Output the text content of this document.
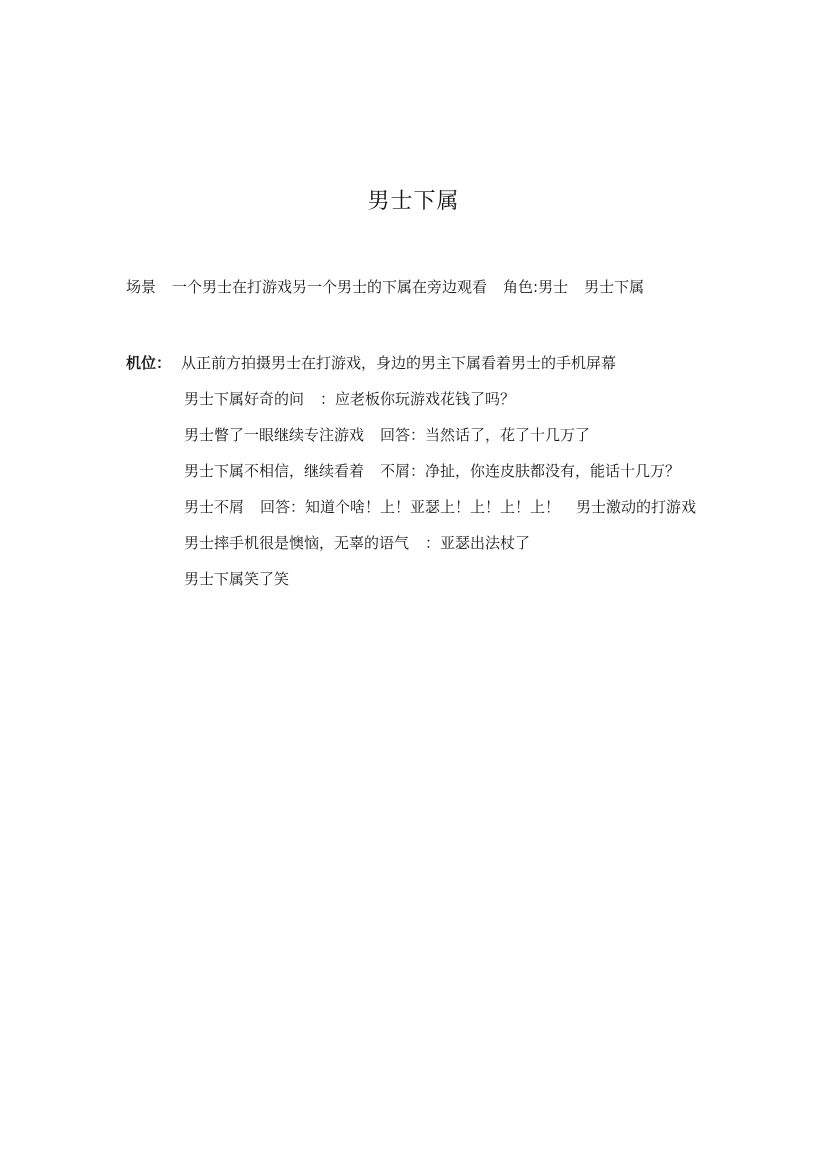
男士下属
场景 一个男士在打游戏另一个男士的下属在旁边观看 角色:男士 男士下属

机位： 从正前方拍摄男士在打游戏，身边的男主下属看着男士的手机屏幕

男士下属好奇的问 ：应老板你玩游戏花钱了吗？

男士瞥了一眼继续专注游戏 回答：当然话了，花了十几万了

男士下属不相信，继续看着 不屑：净扯，你连皮肤都没有，能话十几万？

男士不屑 回答：知道个啥！上！亚瑟上！上！上！上！ 男士激动的打游戏

男士摔手机很是懊恼，无辜的语气 ：亚瑟出法杖了

男士下属笑了笑
